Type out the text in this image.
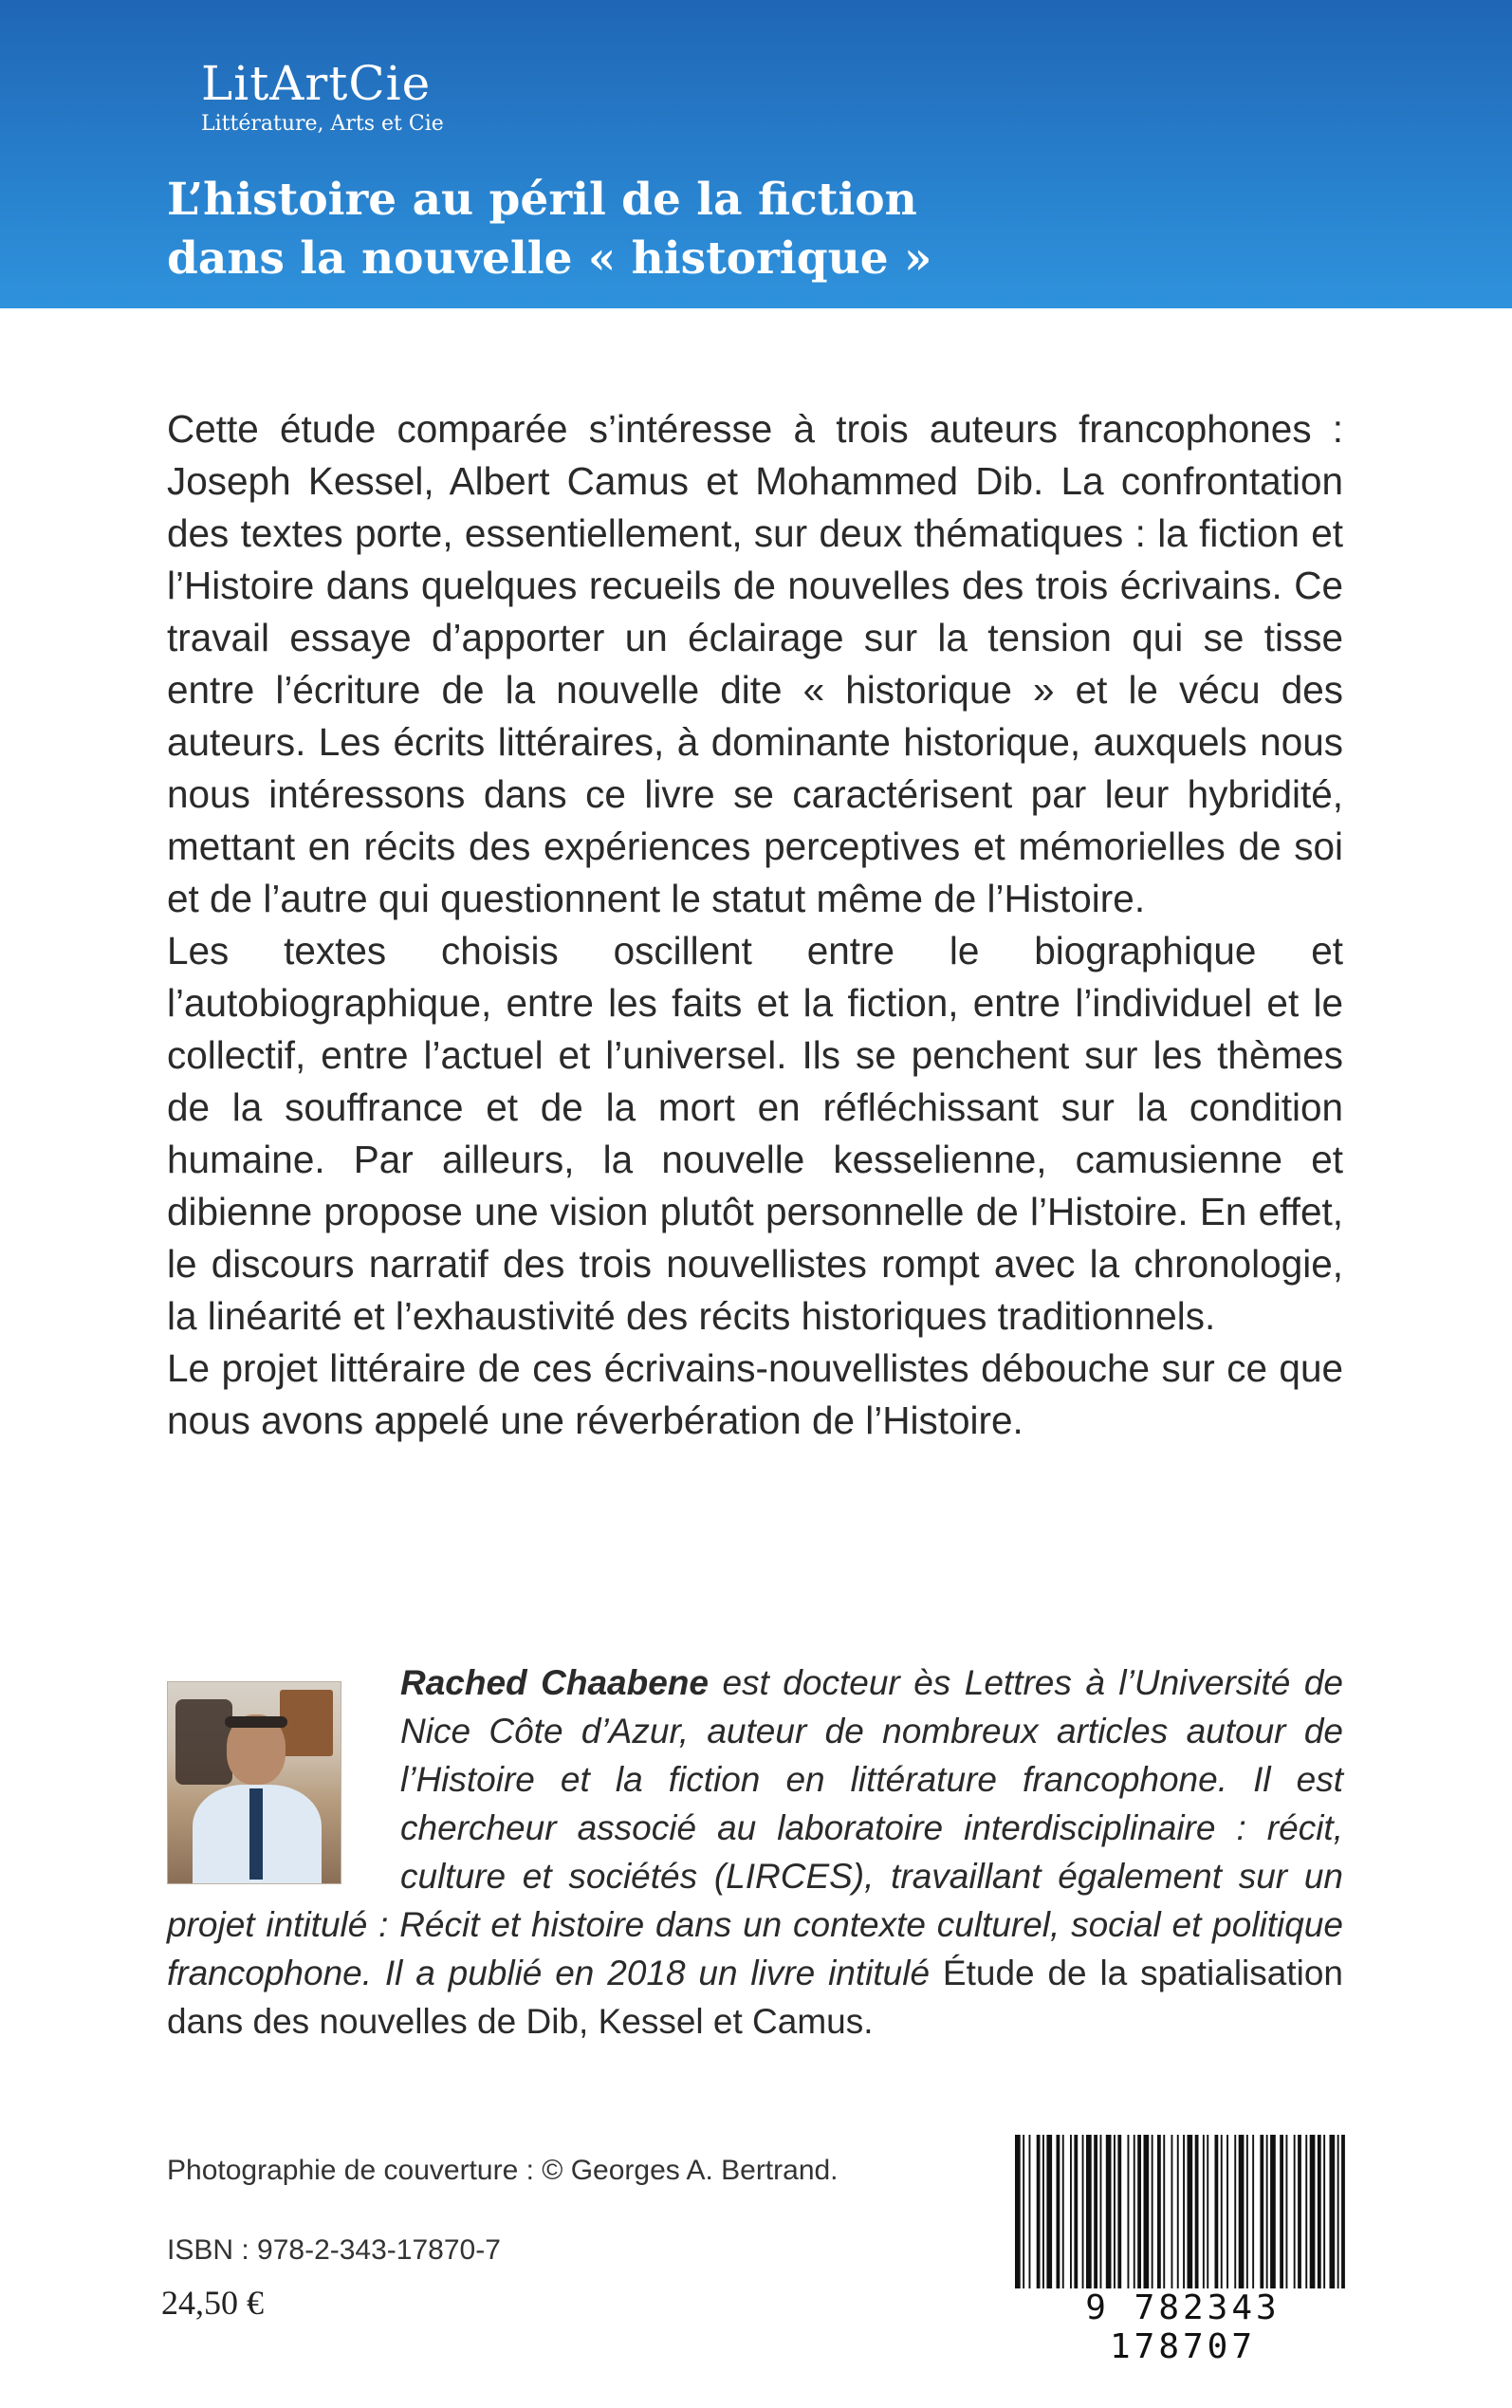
LitArtCie
Littérature, Arts et Cie
L’histoire au péril de la fiction
dans la nouvelle « historique »

Cette étude comparée s’intéresse à trois auteurs francophones : Joseph Kessel, Albert Camus et Mohammed Dib. La confrontation des textes porte, essentiellement, sur deux thématiques : la fiction et l’Histoire dans quelques recueils de nouvelles des trois écrivains. Ce travail essaye d’apporter un éclairage sur la tension qui se tisse entre l’écriture de la nouvelle dite « historique » et le vécu des auteurs. Les écrits littéraires, à dominante historique, auxquels nous nous intéressons dans ce livre se caractérisent par leur hybridité, mettant en récits des expériences perceptives et mémorielles de soi et de l’autre qui questionnent le statut même de l’Histoire.

Les textes choisis oscillent entre le biographique et l’autobiographique, entre les faits et la fiction, entre l’individuel et le collectif, entre l’actuel et l’universel. Ils se penchent sur les thèmes de la souffrance et de la mort en réfléchissant sur la condition humaine. Par ailleurs, la nouvelle kesselienne, camusienne et dibienne propose une vision plutôt personnelle de l’Histoire. En effet, le discours narratif des trois nouvellistes rompt avec la chronologie, la linéarité et l’exhaustivité des récits historiques traditionnels.

Le projet littéraire de ces écrivains-nouvellistes débouche sur ce que nous avons appelé une réverbération de l’Histoire.

Rached Chaabene est docteur ès Lettres à l’Université de Nice Côte d’Azur, auteur de nombreux articles autour de l’Histoire et la fiction en littérature francophone. Il est chercheur associé au laboratoire interdisciplinaire : récit, culture et sociétés (LIRCES), travaillant également sur un projet intitulé : Récit et histoire dans un contexte culturel, social et politique francophone. Il a publié en 2018 un livre intitulé Étude de la spatialisation dans des nouvelles de Dib, Kessel et Camus.
Photographie de couverture : © Georges A. Bertrand.
ISBN : 978-2-343-17870-7
24,50 €	9 782343 178707
